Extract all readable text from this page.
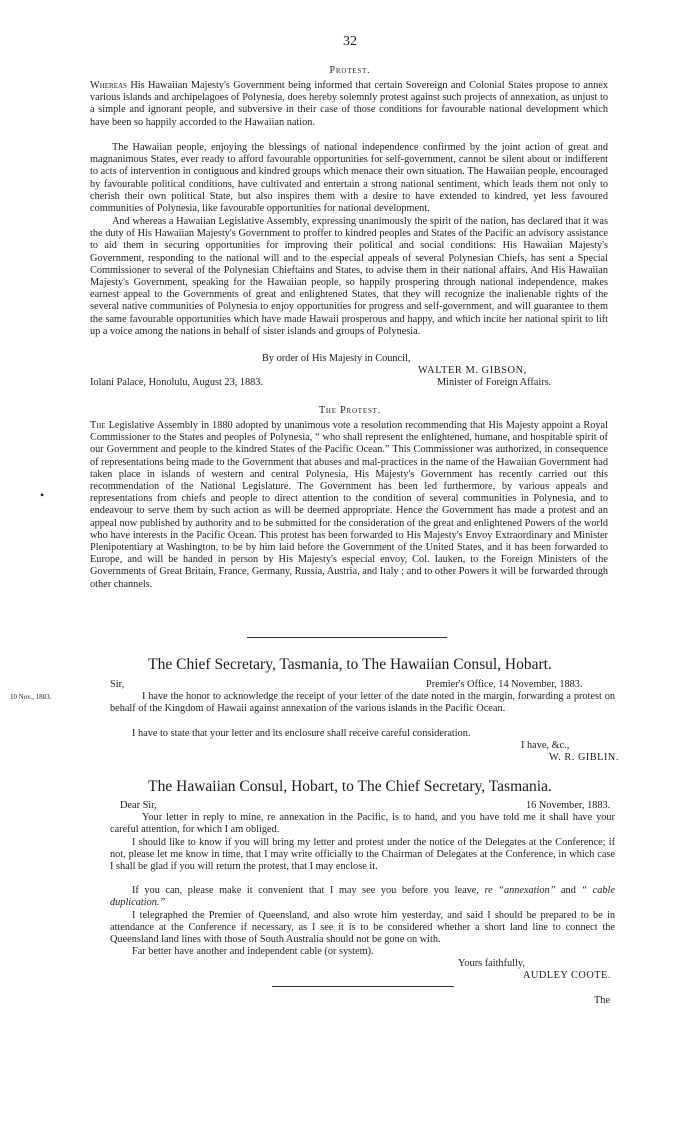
32
Protest.

Whereas His Hawaiian Majesty's Government being informed that certain Sovereign and Colonial States propose to annex various islands and archipelagoes of Polynesia, does hereby solemnly protest against such projects of annexation, as unjust to a simple and ignorant people, and subversive in their case of those conditions for favourable national development which have been so happily accorded to the Hawaiian nation.

The Hawaiian people, enjoying the blessings of national independence confirmed by the joint action of great and magnanimous States, ever ready to afford favourable opportunities for self-government, cannot be silent about or indifferent to acts of intervention in contiguous and kindred groups which menace their own situation. The Hawaiian people, encouraged by favourable political conditions, have cultivated and entertain a strong national sentiment, which leads them not only to cherish their own political State, but also inspires them with a desire to have extended to kindred, yet less favoured communities of Polynesia, like favourable opportunities for national development.

And whereas a Hawaiian Legislative Assembly, expressing unanimously the spirit of the nation, has declared that it was the duty of His Hawaiian Majesty's Government to proffer to kindred peoples and States of the Pacific an advisory assistance to aid them in securing opportunities for improving their political and social conditions: His Hawaiian Majesty's Government, responding to the national will and to the especial appeals of several Polynesian Chiefs, has sent a Special Commissioner to several of the Polynesian Chieftains and States, to advise them in their national affairs. And His Hawaiian Majesty's Government, speaking for the Hawaiian people, so happily prospering through national independence, makes earnest appeal to the Governments of great and enlightened States, that they will recognize the inalienable rights of the several native communities of Polynesia to enjoy opportunities for progress and self-government, and will guarantee to them the same favourable opportunities which have made Hawaii prosperous and happy, and which incite her national spirit to lift up a voice among the nations in behalf of sister islands and groups of Polynesia.

By order of His Majesty in Council,
WALTER M. GIBSON,
Iolani Palace, Honolulu, August 23, 1883.	Minister of Foreign Affairs.
The Protest.

The Legislative Assembly in 1880 adopted by unanimous vote a resolution recommending that His Majesty appoint a Royal Commissioner to the States and peoples of Polynesia, “ who shall represent the enlightened, humane, and hospitable spirit of our Government and people to the kindred States of the Pacific Ocean.” This Commissioner was authorized, in consequence of representations being made to the Government that abuses and mal-practices in the name of the Hawaiian Government had taken place in islands of western and central Polynesia, His Majesty's Government has recently carried out this recommendation of the National Legislature. The Government has been led furthermore, by various appeals and representations from chiefs and people to direct attention to the condition of several communities in Polynesia, and to endeavour to serve them by such action as will be deemed appropriate. Hence the Government has made a protest and an appeal now published by authority and to be submitted for the consideration of the great and enlightened Powers of the world who have interests in the Pacific Ocean. This protest has been forwarded to His Majesty's Envoy Extraordinary and Minister Plenipotentiary at Washington, to be by him laid before the Government of the United States, and it has been forwarded to Europe, and will be handed in person by His Majesty's especial envoy, Col. Iauken, to the Foreign Ministers of the Governments of Great Britain, France, Germany, Russia, Austria, and Italy ; and to other Powers it will be forwarded through other channels.

•
The Chief Secretary, Tasmania, to The Hawaiian Consul, Hobart.
Sir,	Premier's Office, 14 November, 1883.
10 Nov., 1883.	I have the honor to acknowledge the receipt of your letter of the date noted in the margin, forwarding a protest on behalf of the Kingdom of Hawaii against annexation of the various islands in the Pacific Ocean.

I have to state that your letter and its enclosure shall receive careful consideration.

I have, &c.,
W. R. GIBLIN.
The Hawaiian Consul, Hobart, to The Chief Secretary, Tasmania.
Dear Sir,	16 November, 1883.

Your letter in reply to mine, re annexation in the Pacific, is to hand, and you have told me it shall have your careful attention, for which I am obliged.

I should like to know if you will bring my letter and protest under the notice of the Delegates at the Conference; if not, please let me know in time, that I may write officially to the Chairman of Delegates at the Conference, in which case I shall be glad if you will return the protest, that I may enclose it.

If you can, please make it convenient that I may see you before you leave, re “annexation” and “ cable duplication.”

I telegraphed the Premier of Queensland, and also wrote him yesterday, and said I should be prepared to be in attendance at the Conference if necessary, as I see it is to be considered whether a short land line to connect the Queensland land lines with those of South Australia should not be gone on with.

Far better have another and independent cable (or system).

Yours faithfully,
AUDLEY COOTE.
The
